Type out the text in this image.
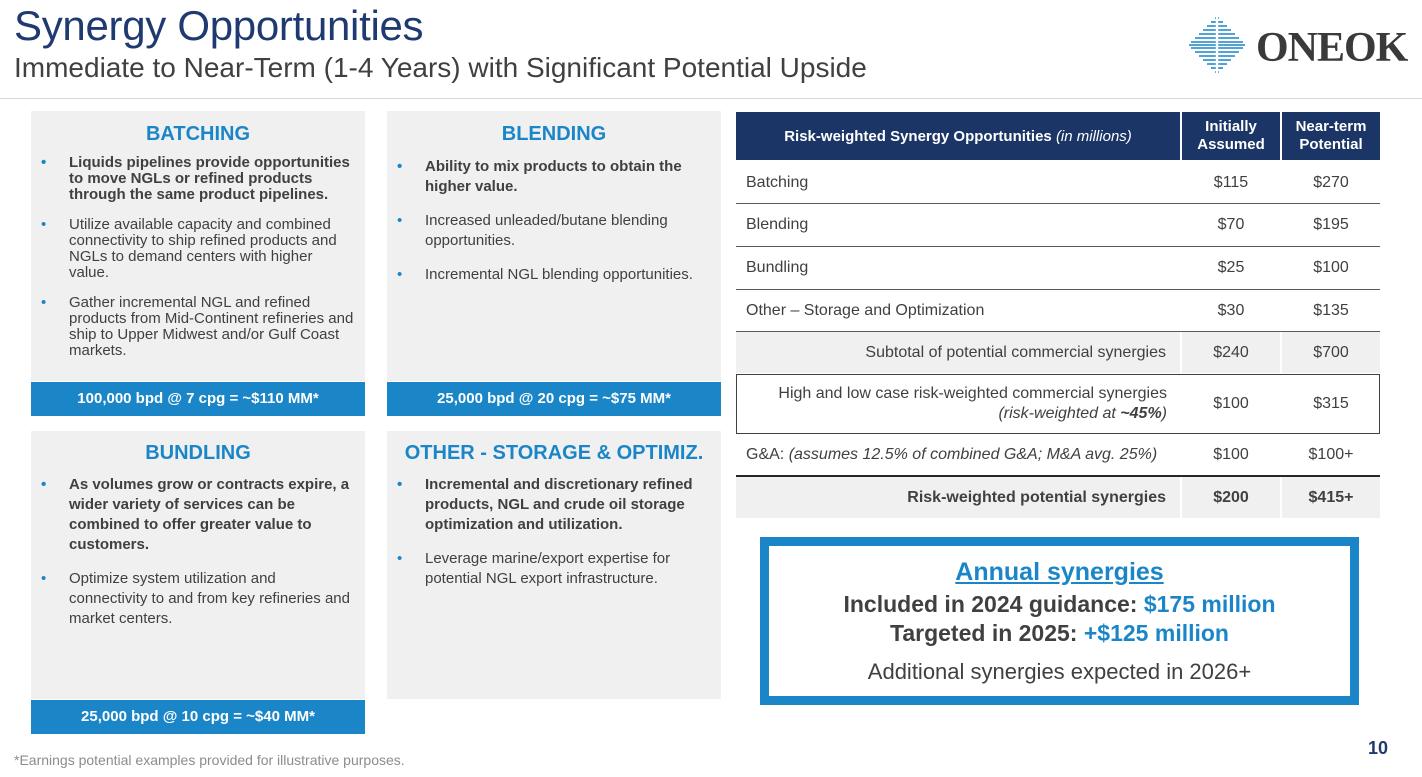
Synergy Opportunities
Immediate to Near-Term (1-4 Years) with Significant Potential Upside	ONEOK
BATCHING
• Liquids pipelines provide opportunities to move NGLs or refined products through the same product pipelines.
• Utilize available capacity and combined connectivity to ship refined products and NGLs to demand centers with higher value.
• Gather incremental NGL and refined products from Mid-Continent refineries and ship to Upper Midwest and/or Gulf Coast markets.
100,000 bpd @ 7 cpg = ~$110 MM*
BLENDING
• Ability to mix products to obtain the higher value.
• Increased unleaded/butane blending opportunities.
• Incremental NGL blending opportunities.
25,000 bpd @ 20 cpg = ~$75 MM*
BUNDLING
• As volumes grow or contracts expire, a wider variety of services can be combined to offer greater value to customers.
• Optimize system utilization and connectivity to and from key refineries and market centers.
25,000 bpd @ 10 cpg = ~$40 MM*
OTHER - STORAGE & OPTIMIZ.
• Incremental and discretionary refined products, NGL and crude oil storage optimization and utilization.
• Leverage marine/export expertise for potential NGL export infrastructure.
Risk-weighted Synergy Opportunities
(in millions)
Initially Assumed
Near-term Potential
Batching	$115	$270
Blending	$70	$195
Bundling	$25	$100
Other – Storage and Optimization	$30	$135
Subtotal of potential commercial synergies	$240	$700
High and low case risk-weighted commercial synergies
(risk-weighted at ~45%)
$100	$315
G&A:
(assumes 12.5% of combined G&A; M&A avg. 25%)	$100	$100+
Risk-weighted potential synergies	$200	$415+
Annual synergies
Included in 2024 guidance: $175 million
Targeted in 2025: +$125 million
Additional synergies expected in 2026+
*Earnings potential examples provided for illustrative purposes.
10
